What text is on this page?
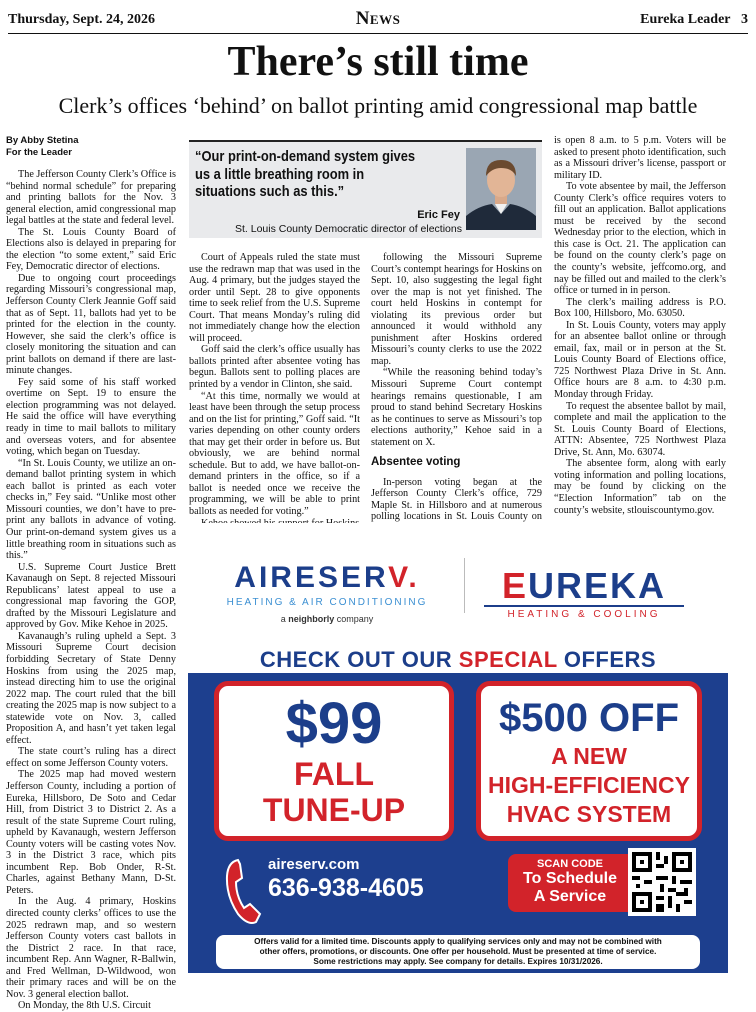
Thursday, Sept. 24, 2026	News	Eureka Leader 3
There’s still time
Clerk’s offices ‘behind’ on ballot printing amid congressional map battle
By Abby Stetina
For the Leader

The Jefferson County Clerk’s Office is “behind normal schedule” for preparing and printing ballots for the Nov. 3 general election, amid congressional map legal battles at the state and federal level.

The St. Louis County Board of Elections also is delayed in preparing for the election “to some extent,” said Eric Fey, Democratic director of elections.

Due to ongoing court proceedings regarding Missouri’s congressional map, Jefferson County Clerk Jeannie Goff said that as of Sept. 11, ballots had yet to be printed for the election in the county. However, she said the clerk’s office is closely monitoring the situation and can print ballots on demand if there are last-minute changes.

Fey said some of his staff worked overtime on Sept. 19 to ensure the election programming was not delayed. He said the office will have everything ready in time to mail ballots to military and overseas voters, and for absentee voting, which began on Tuesday.

“In St. Louis County, we utilize an on-demand ballot printing system in which each ballot is printed as each voter checks in,” Fey said. “Unlike most other Missouri counties, we don’t have to pre-print any ballots in advance of voting. Our print-on-demand system gives us a little breathing room in situations such as this.”

U.S. Supreme Court Justice Brett Kavanaugh on Sept. 8 rejected Missouri Republicans’ latest appeal to use a congressional map favoring the GOP, drafted by the Missouri Legislature and approved by Gov. Mike Kehoe in 2025.

Kavanaugh’s ruling upheld a Sept. 3 Missouri Supreme Court decision forbidding Secretary of State Denny Hoskins from using the 2025 map, instead directing him to use the original 2022 map. The court ruled that the bill creating the 2025 map is now subject to a statewide vote on Nov. 3, called Proposition A, and hasn’t yet taken legal effect.

The state court’s ruling has a direct effect on some Jefferson County voters.

The 2025 map had moved western Jefferson County, including a portion of Eureka, Hillsboro, De Soto and Cedar Hill, from District 3 to District 2. As a result of the state Supreme Court ruling, upheld by Kavanaugh, western Jefferson County voters will be casting votes Nov. 3 in the District 3 race, which pits incumbent Rep. Bob Onder, R-St. Charles, against Bethany Mann, D-St. Peters.

In the Aug. 4 primary, Hoskins directed county clerks’ offices to use the 2025 redrawn map, and so western Jefferson County voters cast ballots in the District 2 race. In that race, incumbent Rep. Ann Wagner, R-Ballwin, and Fred Wellman, D-Wildwood, won their primary races and will be on the Nov. 3 general election ballot.

On Monday, the 8th U.S. Circuit

“Our print-on-demand system gives us a little breathing room in situations such as this.”
Eric Fey
St. Louis County Democratic director of elections

Court of Appeals ruled the state must use the redrawn map that was used in the Aug. 4 primary, but the judges stayed the order until Sept. 28 to give opponents time to seek relief from the U.S. Supreme Court. That means Monday’s ruling did not immediately change how the election will proceed.

Goff said the clerk’s office usually has ballots printed after absentee voting has begun. Ballots sent to polling places are printed by a vendor in Clinton, she said.

“At this time, normally we would at least have been through the setup process and on the list for printing,” Goff said. “It varies depending on other county orders that may get their order in before us. But obviously, we are behind normal schedule. But to add, we have ballot-on-demand printers in the office, so if a ballot is needed once we receive the programming, we will be able to print ballots as needed for voting.”

following the Missouri Supreme Court’s contempt hearings for Hoskins on Sept. 10, also suggesting the legal fight over the map is not yet finished. The court held Hoskins in contempt for violating its previous order but announced it would withhold any punishment after Hoskins ordered Missouri’s county clerks to use the 2022 map.

“While the reasoning behind today’s Missouri Supreme Court contempt hearings remains questionable, I am proud to stand behind Secretary Hoskins as he continues to serve as Missouri’s top elections authority,” Kehoe said in a statement on X.

Absentee voting

In-person voting began at the Jefferson County Clerk’s office, 729 Maple St. in Hillsboro and at numerous polling locations in St. Louis County on

is open 8 a.m. to 5 p.m. Voters will be asked to present photo identification, such as a Missouri driver’s license, passport or military ID.

To vote absentee by mail, the Jefferson County Clerk’s office requires voters to fill out an application. Ballot applications must be received by the second Wednesday prior to the election, which in this case is Oct. 21. The application can be found on the county clerk’s page on the county’s website, jeffcomo.org, and nay be filled out and mailed to the clerk’s office or turned in in person.

The clerk’s mailing address is P.O. Box 100, Hillsboro, Mo. 63050.

In St. Louis County, voters may apply for an absentee ballot online or through email, fax, mail or in person at the St. Louis County Board of Elections office, 725 Northwest Plaza Drive in St. Ann. Office hours are 8 a.m. to 4:30 p.m. Monday through Friday.

To request the absentee ballot by mail, complete and mail the application to the St. Louis County Board of Elections, ATTN: Absentee, 725 Northwest Plaza Drive, St. Ann, Mo. 63074.

The absentee form, along with early voting information and polling locations, may be found by clicking on the “Election Information” tab on the county’s website, stlouiscountymo.gov.

AIRESERV.
HEATING & AIR CONDITIONING
a neighborly company
EUREKA
HEATING & COOLING
CHECK OUT OUR SPECIAL OFFERS
$99
FALL
TUNE-UP
$500 OFF
A NEW
HIGH-EFFICIENCY
HVAC SYSTEM
aireserv.com
636-938-4605
SCAN CODE
To Schedule
A Service
Offers valid for a limited time. Discounts apply to qualifying services only and may not be combined with
other offers, promotions, or discounts. One offer per household. Must be presented at time of service.
Some restrictions may apply. See company for details. Expires 10/31/2026.
